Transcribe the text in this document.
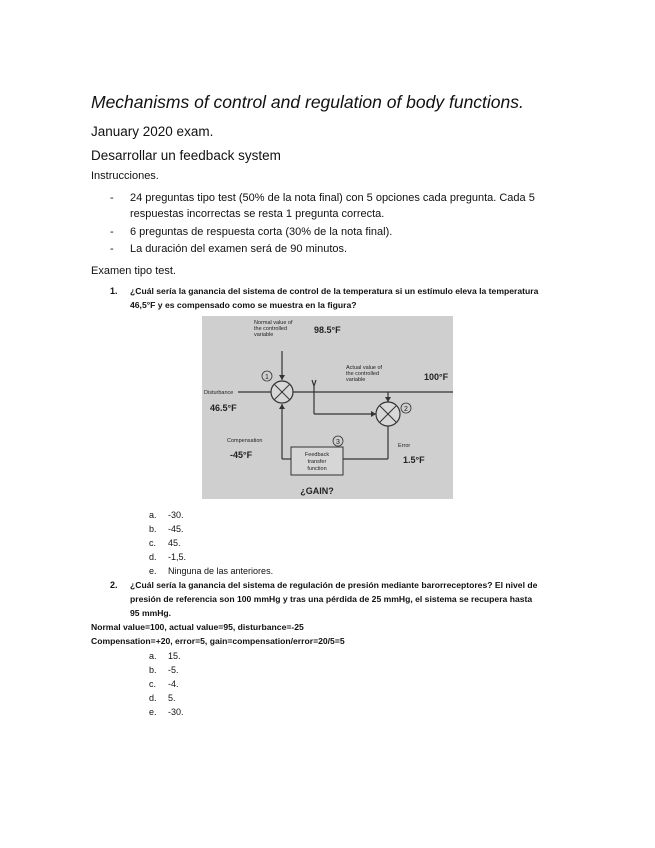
Mechanisms of control and regulation of body functions.
January 2020 exam.
Desarrollar un feedback system
Instrucciones.
- 24 preguntas tipo test (50% de la nota final) con 5 opciones cada pregunta. Cada 5
respuestas incorrectas se resta 1 pregunta correcta.
- 6 preguntas de respuesta corta (30% de la nota final).
- La duración del examen será de 90 minutos.
Examen tipo test.
1. ¿Cuál sería la ganancia del sistema de control de la temperatura si un estímulo eleva la temperatura
46,5°F y es compensado como se muestra en la figura?
1
2
3
Feedback
transfer
function
Normal value of
the controlled
variable	98.5°F
Actual value of
the controlled
variable	100°F
Disturbance
46.5°F
Compensation
-45°F
Error
1.5°F
¿GAIN?
a. -30.
b. -45.
c. 45.
d. -1,5.
e. Ninguna de las anteriores.
2. ¿Cuál sería la ganancia del sistema de regulación de presión mediante barorreceptores? El nivel de
presión de referencia son 100 mmHg y tras una pérdida de 25 mmHg, el sistema se recupera hasta
95 mmHg.
Normal value=100, actual value=95, disturbance=-25
Compensation=+20, error=5, gain=compensation/error=20/5=5
a. 15.
b. -5.
c. -4.
d. 5.
e. -30.
